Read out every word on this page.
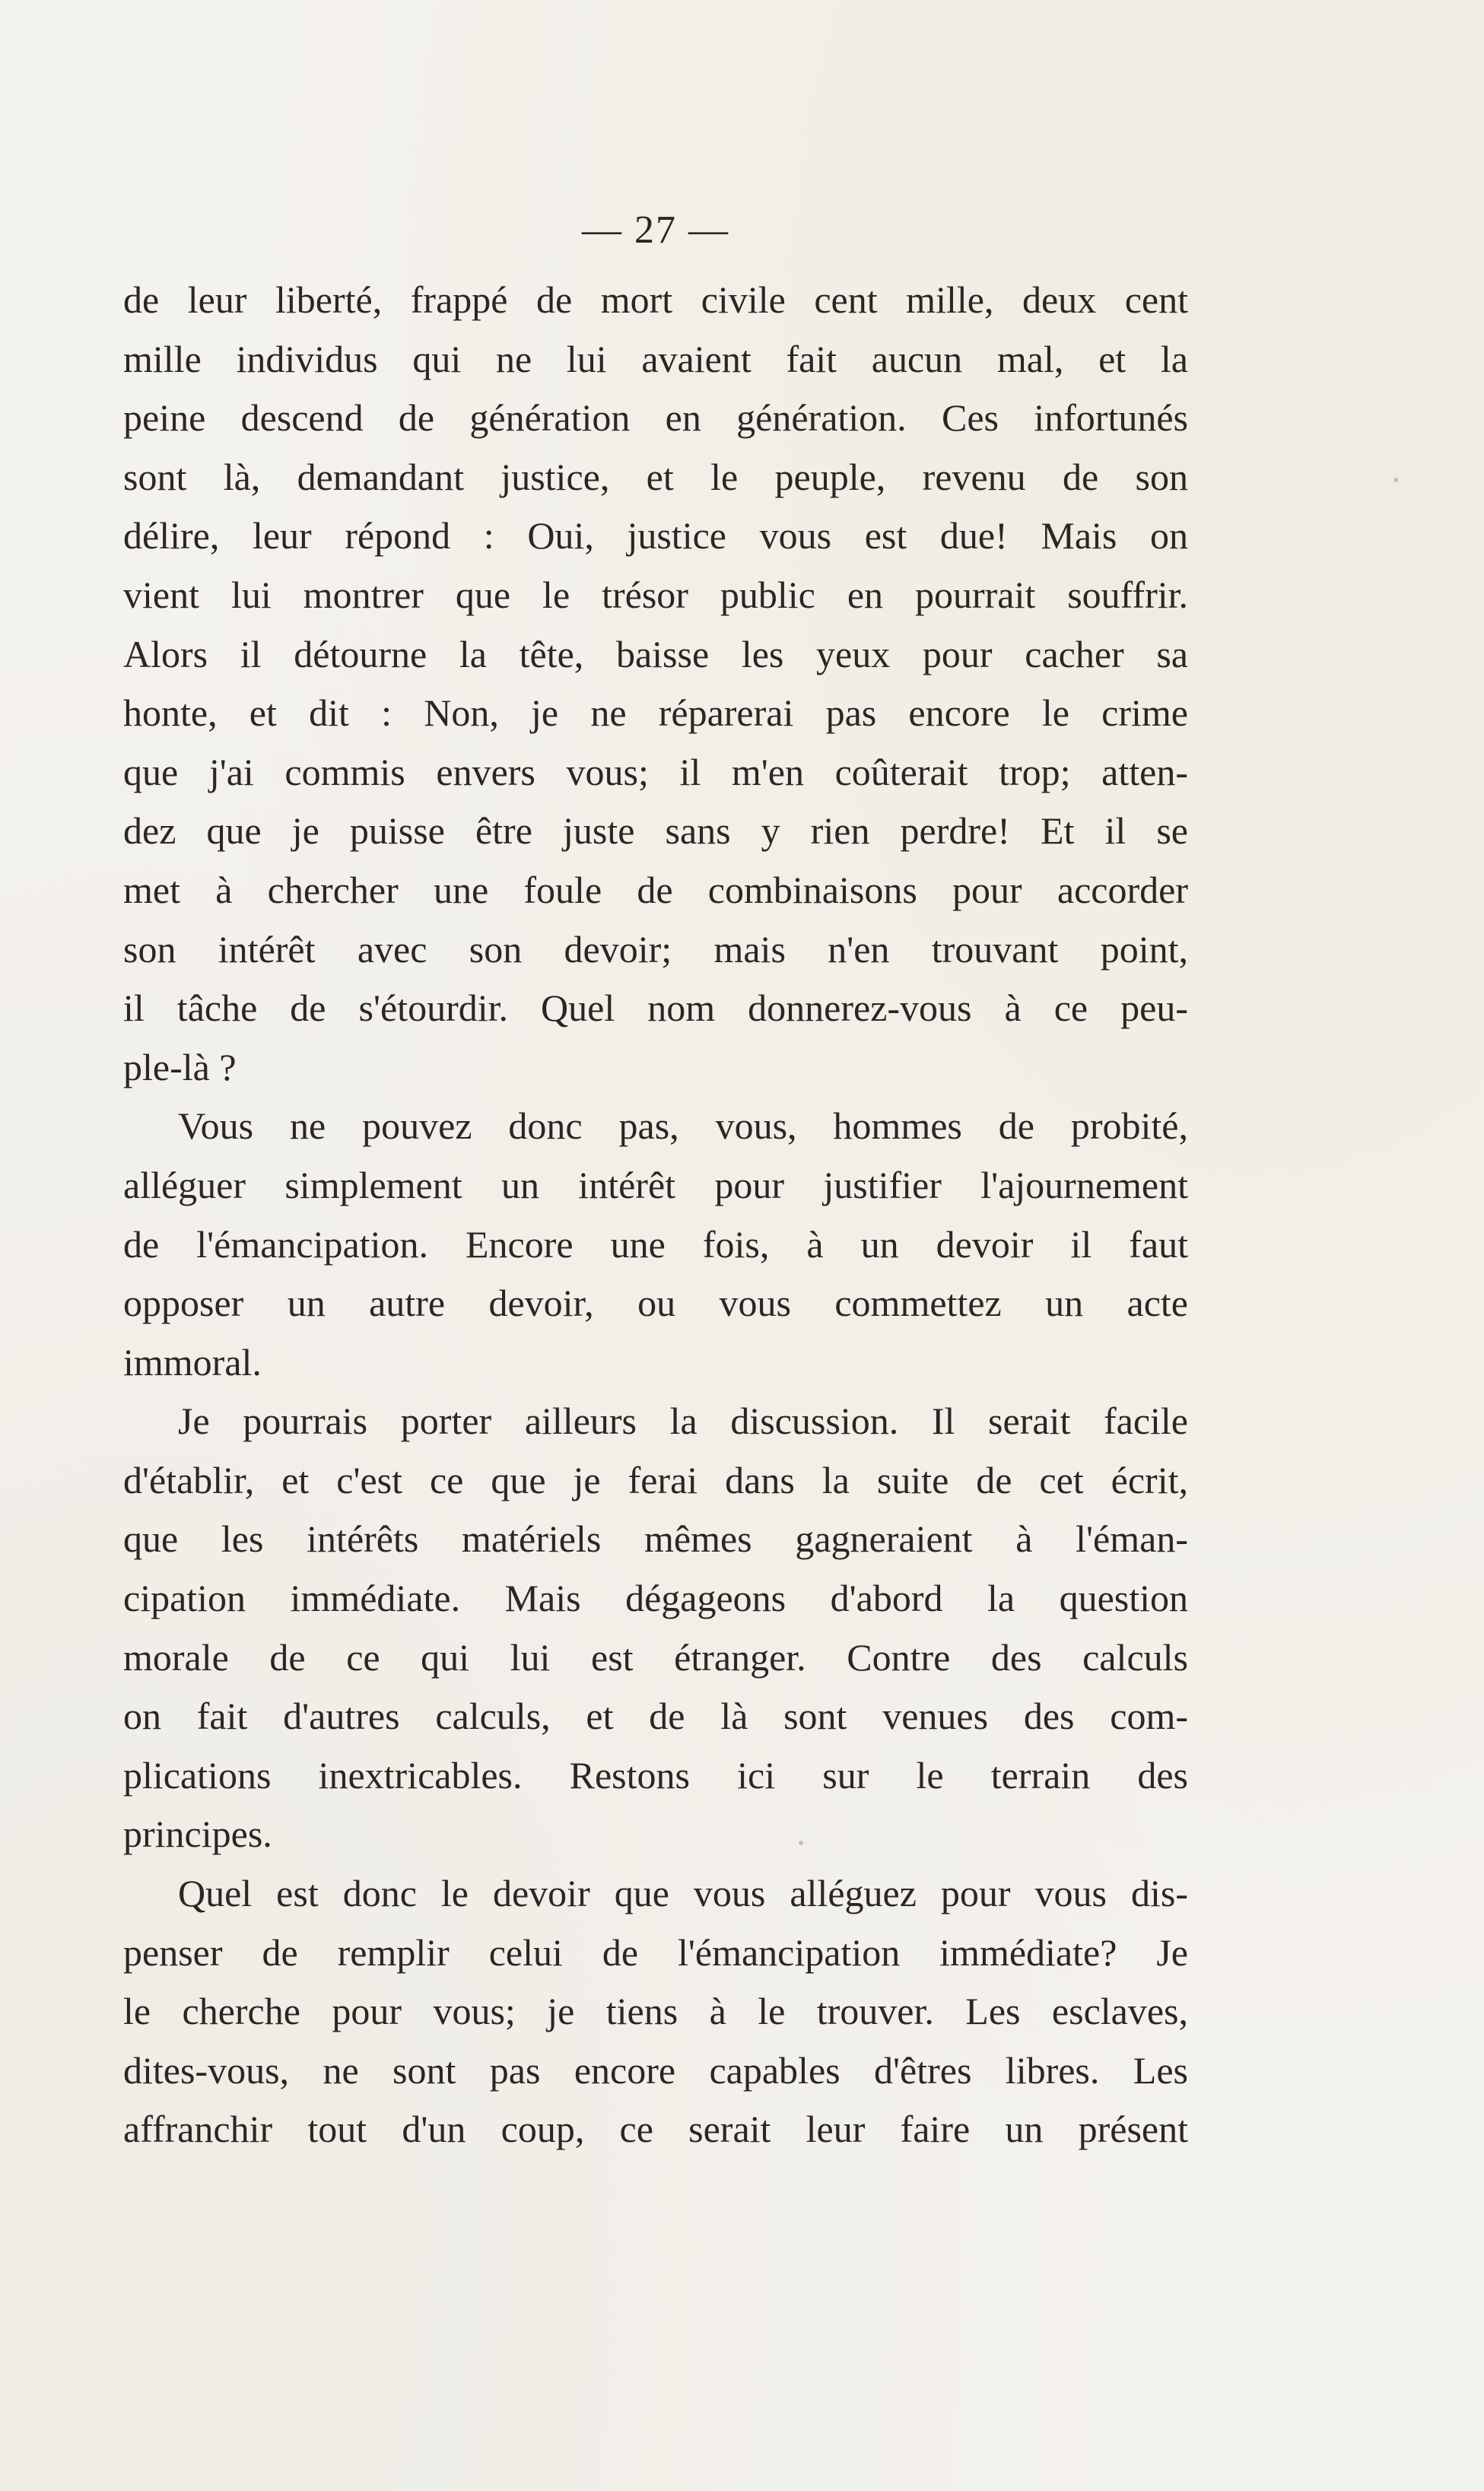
— 27 —
de leur liberté, frappé de mort civile cent mille, deux cent
mille individus qui ne lui avaient fait aucun mal, et la
peine descend de génération en génération. Ces infortunés
sont là, demandant justice, et le peuple, revenu de son
délire, leur répond : Oui, justice vous est due! Mais on
vient lui montrer que le trésor public en pourrait souffrir.
Alors il détourne la tête, baisse les yeux pour cacher sa
honte, et dit : Non, je ne réparerai pas encore le crime
que j'ai commis envers vous; il m'en coûterait trop; atten-
dez que je puisse être juste sans y rien perdre! Et il se
met à chercher une foule de combinaisons pour accorder
son intérêt avec son devoir; mais n'en trouvant point,
il tâche de s'étourdir. Quel nom donnerez-vous à ce peu-
ple-là ?
Vous ne pouvez donc pas, vous, hommes de probité,
alléguer simplement un intérêt pour justifier l'ajournement
de l'émancipation. Encore une fois, à un devoir il faut
opposer un autre devoir, ou vous commettez un acte
immoral.
Je pourrais porter ailleurs la discussion. Il serait facile
d'établir, et c'est ce que je ferai dans la suite de cet écrit,
que les intérêts matériels mêmes gagneraient à l'éman-
cipation immédiate. Mais dégageons d'abord la question
morale de ce qui lui est étranger. Contre des calculs
on fait d'autres calculs, et de là sont venues des com-
plications inextricables. Restons ici sur le terrain des
principes.
Quel est donc le devoir que vous alléguez pour vous dis-
penser de remplir celui de l'émancipation immédiate? Je
le cherche pour vous; je tiens à le trouver. Les esclaves,
dites-vous, ne sont pas encore capables d'êtres libres. Les
affranchir tout d'un coup, ce serait leur faire un présent
